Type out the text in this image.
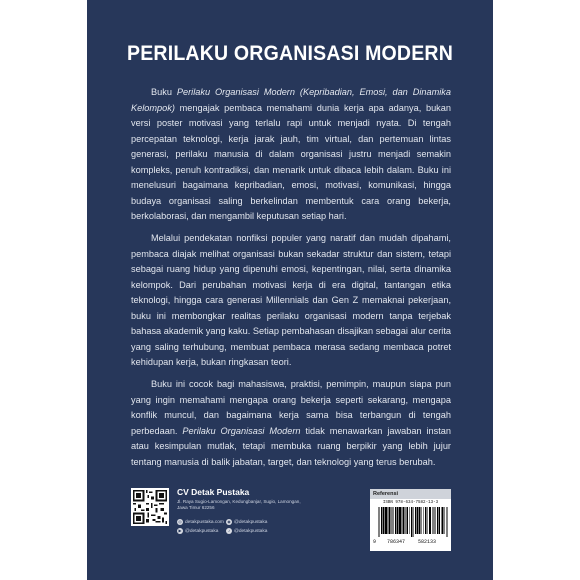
PERILAKU ORGANISASI MODERN

Buku Perilaku Organisasi Modern (Kepribadian, Emosi, dan Dinamika Kelompok) mengajak pembaca memahami dunia kerja apa adanya, bukan versi poster motivasi yang terlalu rapi untuk menjadi nyata. Di tengah percepatan teknologi, kerja jarak jauh, tim virtual, dan pertemuan lintas generasi, perilaku manusia di dalam organisasi justru menjadi semakin kompleks, penuh kontradiksi, dan menarik untuk dibaca lebih dalam. Buku ini menelusuri bagaimana kepribadian, emosi, motivasi, komunikasi, hingga budaya organisasi saling berkelindan membentuk cara orang bekerja, berkolaborasi, dan mengambil keputusan setiap hari.

Melalui pendekatan nonfiksi populer yang naratif dan mudah dipahami, pembaca diajak melihat organisasi bukan sekadar struktur dan sistem, tetapi sebagai ruang hidup yang dipenuhi emosi, kepentingan, nilai, serta dinamika kelompok. Dari perubahan motivasi kerja di era digital, tantangan etika teknologi, hingga cara generasi Millennials dan Gen Z memaknai pekerjaan, buku ini membongkar realitas perilaku organisasi modern tanpa terjebak bahasa akademik yang kaku. Setiap pembahasan disajikan sebagai alur cerita yang saling terhubung, membuat pembaca merasa sedang membaca potret kehidupan kerja, bukan ringkasan teori.

Buku ini cocok bagi mahasiswa, praktisi, pemimpin, maupun siapa pun yang ingin memahami mengapa orang bekerja seperti sekarang, mengapa konflik muncul, dan bagaimana kerja sama bisa terbangun di tengah perbedaan. Perilaku Organisasi Modern tidak menawarkan jawaban instan atau kesimpulan mutlak, tetapi membuka ruang berpikir yang lebih jujur tentang manusia di balik jabatan, target, dan teknologi yang terus berubah.

CV Detak Pustaka
Jl. Raya Sugio-Lamongan, Kedungbanjar, Sugio, Lamongan, Jawa Timur 62256
◎ detakpustaka.com ◉ @detakpustaka
▶ @detakpustaka	♪ @detakpustaka
Referensi
ISBN 978-634-7582-13-3
9 786347	582133
